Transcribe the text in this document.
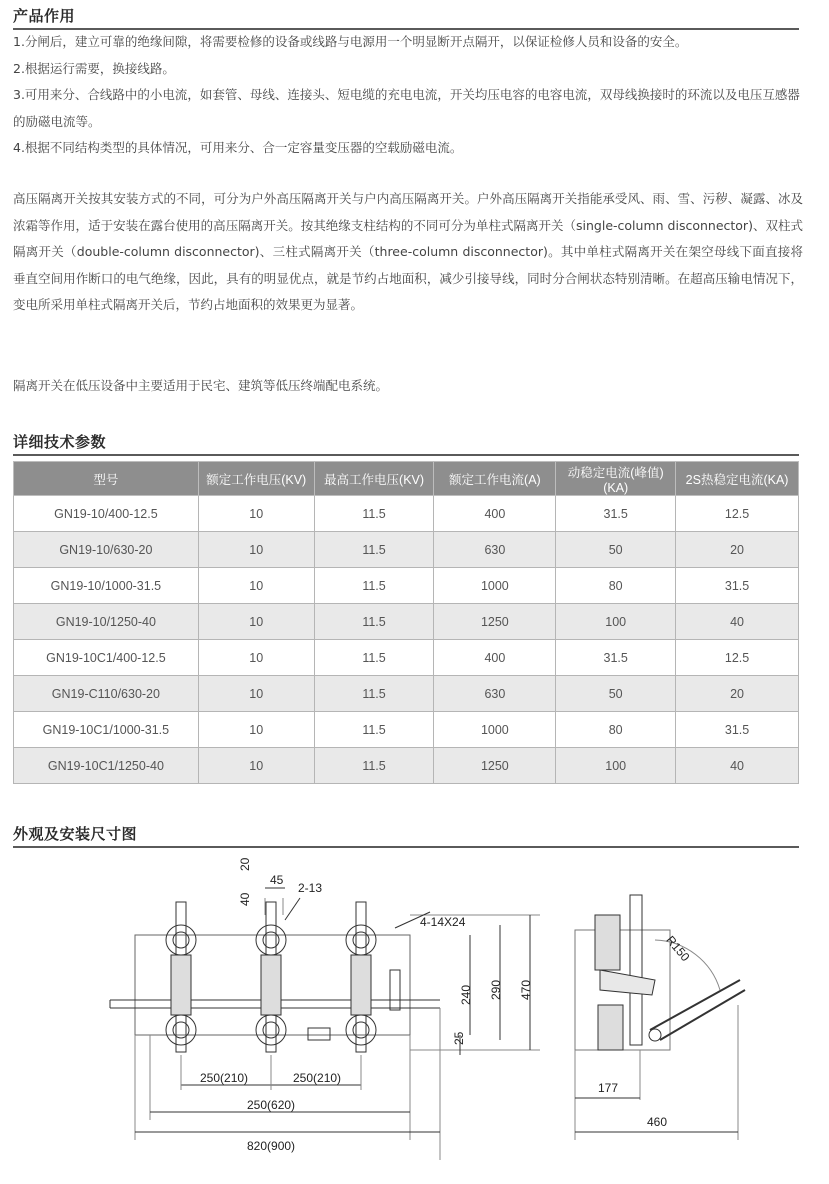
产品作用

1.分闸后，建立可靠的绝缘间隙，将需要检修的设备或线路与电源用一个明显断开点隔开，以保证检修人员和设备的安全。

2.根据运行需要，换接线路。

3.可用来分、合线路中的小电流，如套管、母线、连接头、短电缆的充电电流，开关均压电容的电容电流，双母线换接时的环流以及电压互感器的励磁电流等。

4.根据不同结构类型的具体情况，可用来分、合一定容量变压器的空载励磁电流。

高压隔离开关按其安装方式的不同，可分为户外高压隔离开关与户内高压隔离开关。户外高压隔离开关指能承受风、雨、雪、污秽、凝露、冰及浓霜等作用，适于安装在露台使用的高压隔离开关。按其绝缘支柱结构的不同可分为单柱式隔离开关（single-column disconnector)、双柱式隔离开关（double-column disconnector)、三柱式隔离开关（three-column disconnector)。其中单柱式隔离开关在架空母线下面直接将垂直空间用作断口的电气绝缘，因此，具有的明显优点，就是节约占地面积，减少引接导线，同时分合闸状态特别清晰。在超高压输电情况下，变电所采用单柱式隔离开关后，节约占地面积的效果更为显著。

隔离开关在低压设备中主要适用于民宅、建筑等低压终端配电系统。

详细技术参数
型号	额定工作电压(KV)	最高工作电压(KV)	额定工作电流(A)	动稳定电流(峰值)(KA)	2S热稳定电流(KA)
GN19-10/400-12.5	10	11.5	400	31.5	12.5
GN19-10/630-20	10	11.5	630	50	20
GN19-10/1000-31.5	10	11.5	1000	80	31.5
GN19-10/1250-40	10	11.5	1250	100	40
GN19-10C1/400-12.5	10	11.5	400	31.5	12.5
GN19-C110/630-20	10	11.5	630	50	20
GN19-10C1/1000-31.5	10	11.5	1000	80	31.5
GN19-10C1/1250-40	10	11.5	1250	100	40
外观及安装尺寸图
20
40
45
2-13
4-14X24
240 290 470
25
250(210)	250(210)
250(620)
820(900)
177
460
R150
